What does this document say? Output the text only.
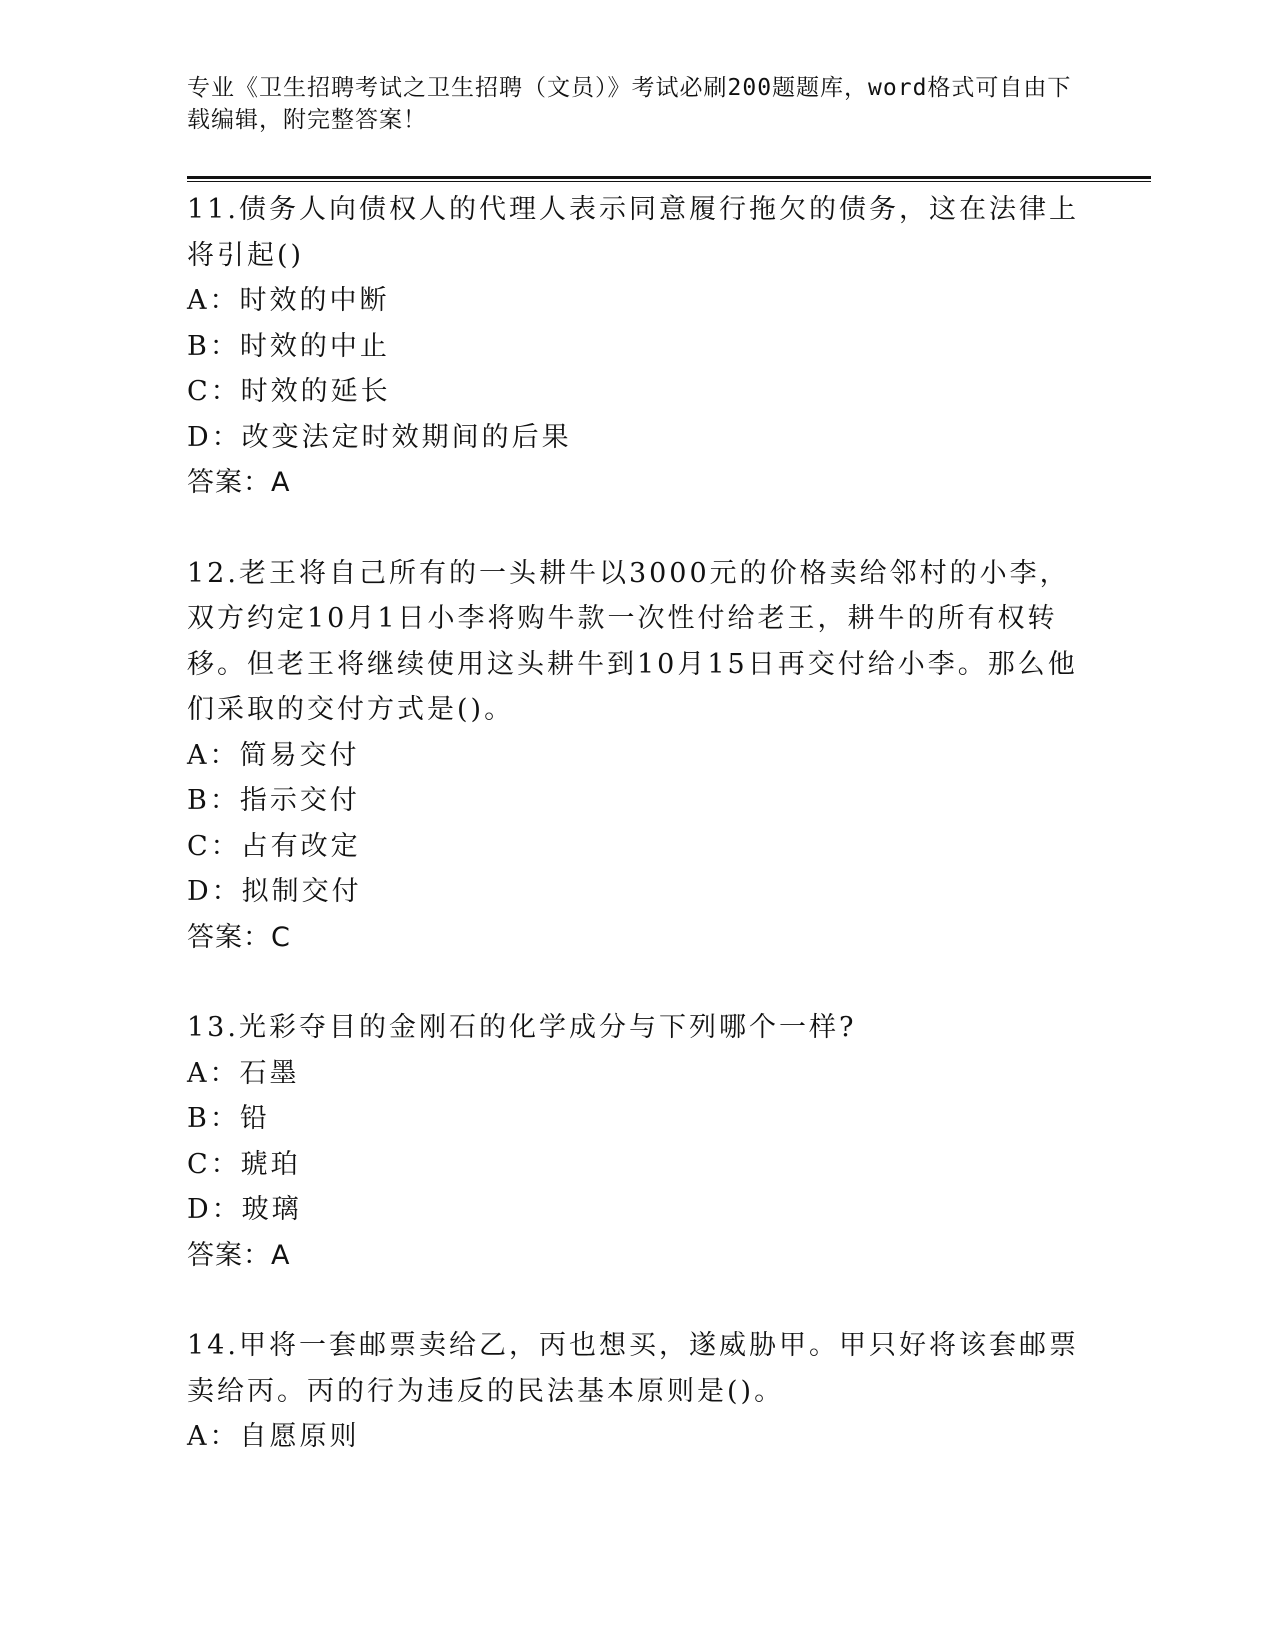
专业《卫生招聘考试之卫生招聘（文员）》考试必刷200题题库，word格式可自由下载编辑，附完整答案！

11.债务人向债权人的代理人表示同意履行拖欠的债务，这在法律上将引起()

A：时效的中断
B：时效的中止
C：时效的延长
D：改变法定时效期间的后果

答案：A

12.老王将自己所有的一头耕牛以3000元的价格卖给邻村的小李，双方约定10月1日小李将购牛款一次性付给老王，耕牛的所有权转移。但老王将继续使用这头耕牛到10月15日再交付给小李。那么他们采取的交付方式是()。

A：简易交付
B：指示交付
C：占有改定
D：拟制交付

答案：C

13.光彩夺目的金刚石的化学成分与下列哪个一样?

A：石墨
B：铅
C：琥珀
D：玻璃

答案：A

14.甲将一套邮票卖给乙，丙也想买，遂威胁甲。甲只好将该套邮票卖给丙。丙的行为违反的民法基本原则是()。

A：自愿原则
